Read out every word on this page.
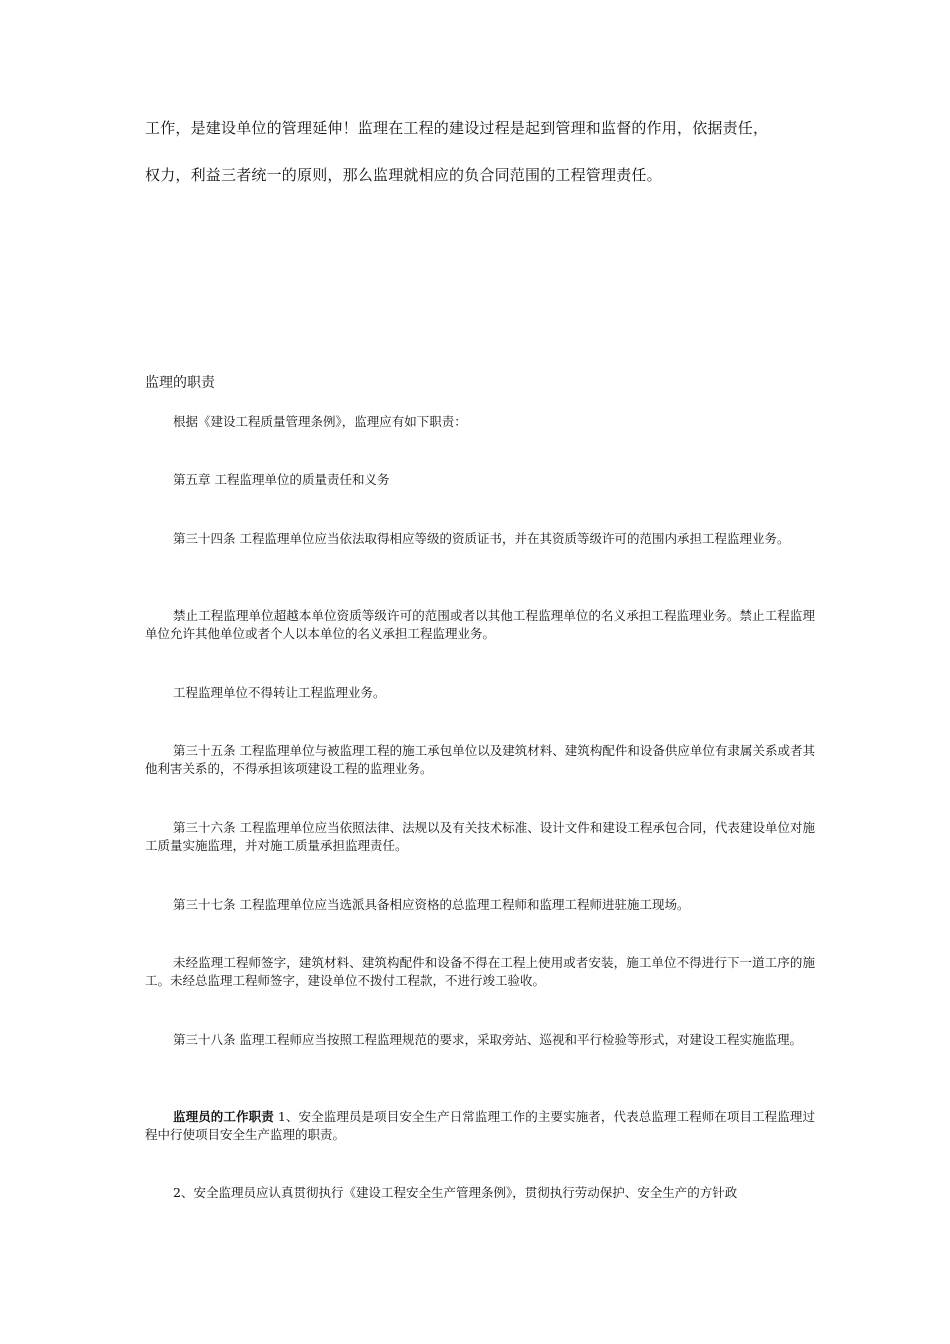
工作，是建设单位的管理延伸！监理在工程的建设过程是起到管理和监督的作用，依据责任，

权力，利益三者统一的原则，那么监理就相应的负合同范围的工程管理责任。

监理的职责

根据《建设工程质量管理条例》，监理应有如下职责：

第五章 工程监理单位的质量责任和义务

第三十四条 工程监理单位应当依法取得相应等级的资质证书，并在其资质等级许可的范围内承担工程监理业务。

禁止工程监理单位超越本单位资质等级许可的范围或者以其他工程监理单位的名义承担工程监理业务。禁止工程监理单位允许其他单位或者个人以本单位的名义承担工程监理业务。

工程监理单位不得转让工程监理业务。

第三十五条 工程监理单位与被监理工程的施工承包单位以及建筑材料、建筑构配件和设备供应单位有隶属关系或者其他利害关系的，不得承担该项建设工程的监理业务。

第三十六条 工程监理单位应当依照法律、法规以及有关技术标准、设计文件和建设工程承包合同，代表建设单位对施工质量实施监理，并对施工质量承担监理责任。

第三十七条 工程监理单位应当选派具备相应资格的总监理工程师和监理工程师进驻施工现场。

未经监理工程师签字，建筑材料、建筑构配件和设备不得在工程上使用或者安装，施工单位不得进行下一道工序的施工。未经总监理工程师签字，建设单位不拨付工程款，不进行竣工验收。

第三十八条 监理工程师应当按照工程监理规范的要求，采取旁站、巡视和平行检验等形式，对建设工程实施监理。

监理员的工作职责 1、安全监理员是项目安全生产日常监理工作的主要实施者，代表总监理工程师在项目工程监理过程中行使项目安全生产监理的职责。

2、安全监理员应认真贯彻执行《建设工程安全生产管理条例》，贯彻执行劳动保护、安全生产的方针政
